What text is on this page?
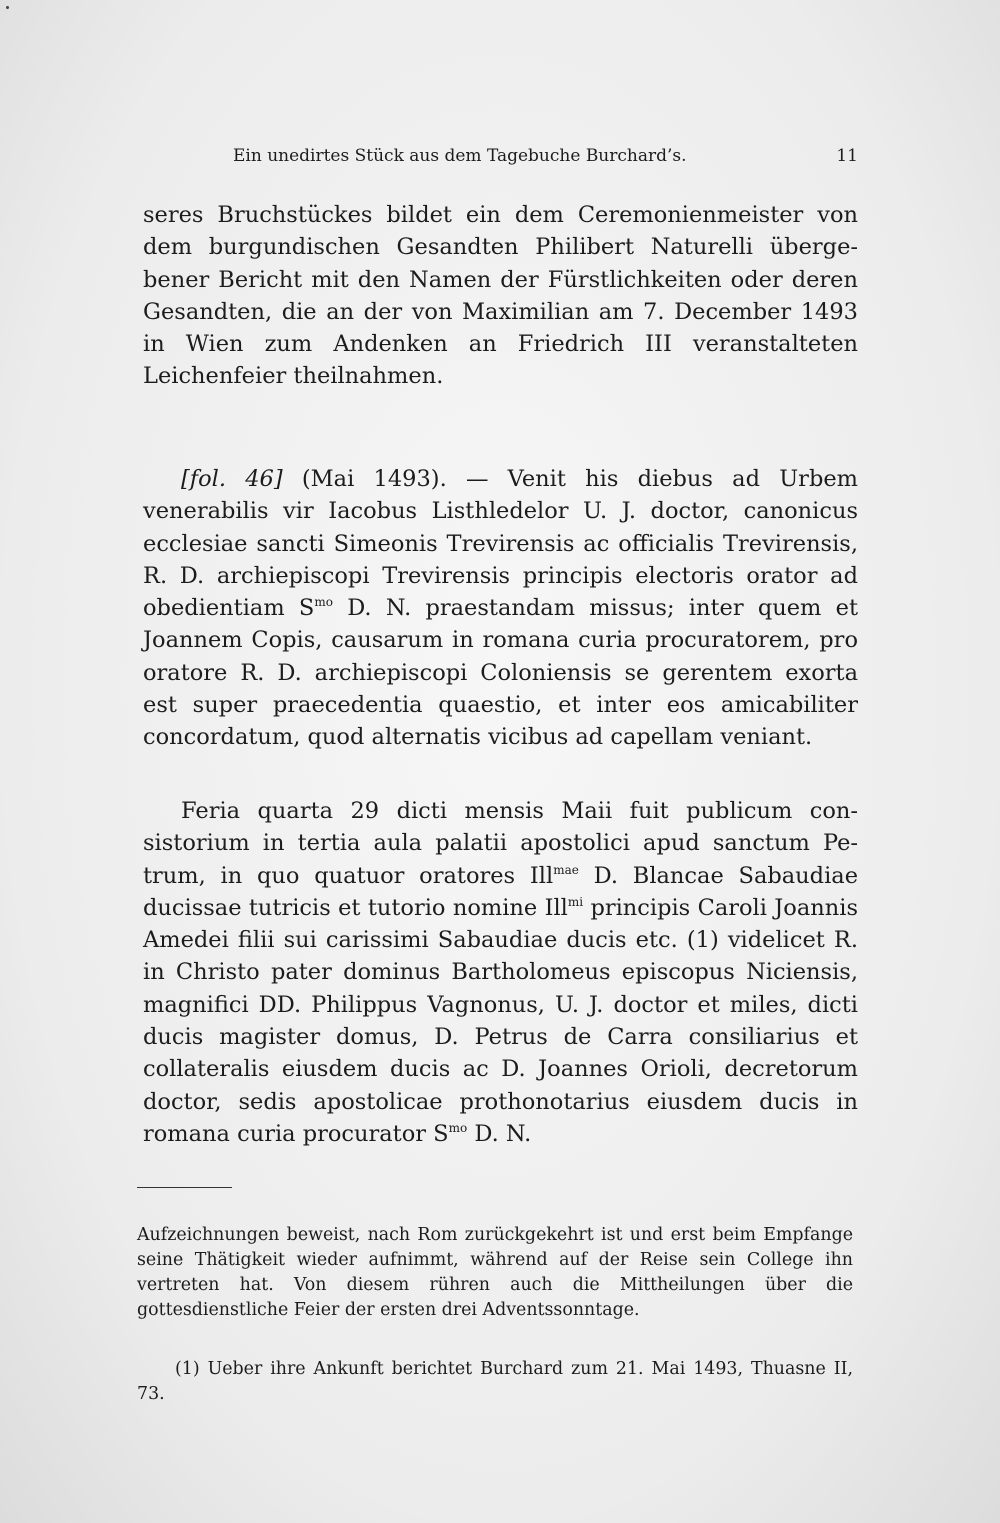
Ein unedirtes Stück aus dem Tagebuche Burchard’s.	11

seres Bruchstückes bildet ein dem Ceremonienmeister von dem burgundischen Gesandten Philibert Naturelli übergebener Bericht mit den Namen der Fürstlichkeiten oder deren Gesandten, die an der von Maximilian am 7. December 1493 in Wien zum Andenken an Friedrich III veranstalteten Leichenfeier theilnahmen.

[fol. 46] (Mai 1493). — Venit his diebus ad Urbem venerabilis vir Iacobus Listhledelor U. J. doctor, canonicus ecclesiae sancti Simeonis Trevirensis ac officialis Trevirensis, R. D. archiepiscopi Trevirensis principis electoris orator ad obedientiam $S^{mo}$ D. N. praestandam missus; inter quem et Joannem Copis, causarum in romana curia procuratorem, pro oratore R. D. archiepiscopi Coloniensis se gerentem exorta est super praecedentia quaestio, et inter eos amicabiliter concordatum, quod alternatis vicibus ad capellam veniant.

Feria quarta 29 dicti mensis Maii fuit publicum consistorium in tertia aula palatii apostolici apud sanctum Petrum, in quo quatuor oratores Ill$^{mae}$ D. Blancae Sabaudiae ducissae tutricis et tutorio nomine Ill$^{mi}$ principis Caroli Joannis Amedei filii sui carissimi Sabaudiae ducis etc. (1) videlicet R. in Christo pater dominus Bartholomeus episcopus Niciensis, magnifici DD. Philippus Vagnonus, U. J. doctor et miles, dicti ducis magister domus, D. Petrus de Carra consiliarius et collateralis eiusdem ducis ac D. Joannes Orioli, decretorum doctor, sedis apostolicae prothonotarius eiusdem ducis in romana curia procurator $S^{mo}$ D. N.

Aufzeichnungen beweist, nach Rom zurückgekehrt ist und erst beim Empfange seine Thätigkeit wieder aufnimmt, während auf der Reise sein College ihn vertreten hat. Von diesem rühren auch die Mittheilungen über die gottesdienstliche Feier der ersten drei Adventssonntage.

(1) Ueber ihre Ankunft berichtet Burchard zum 21. Mai 1493, Thuasne II, 73.
